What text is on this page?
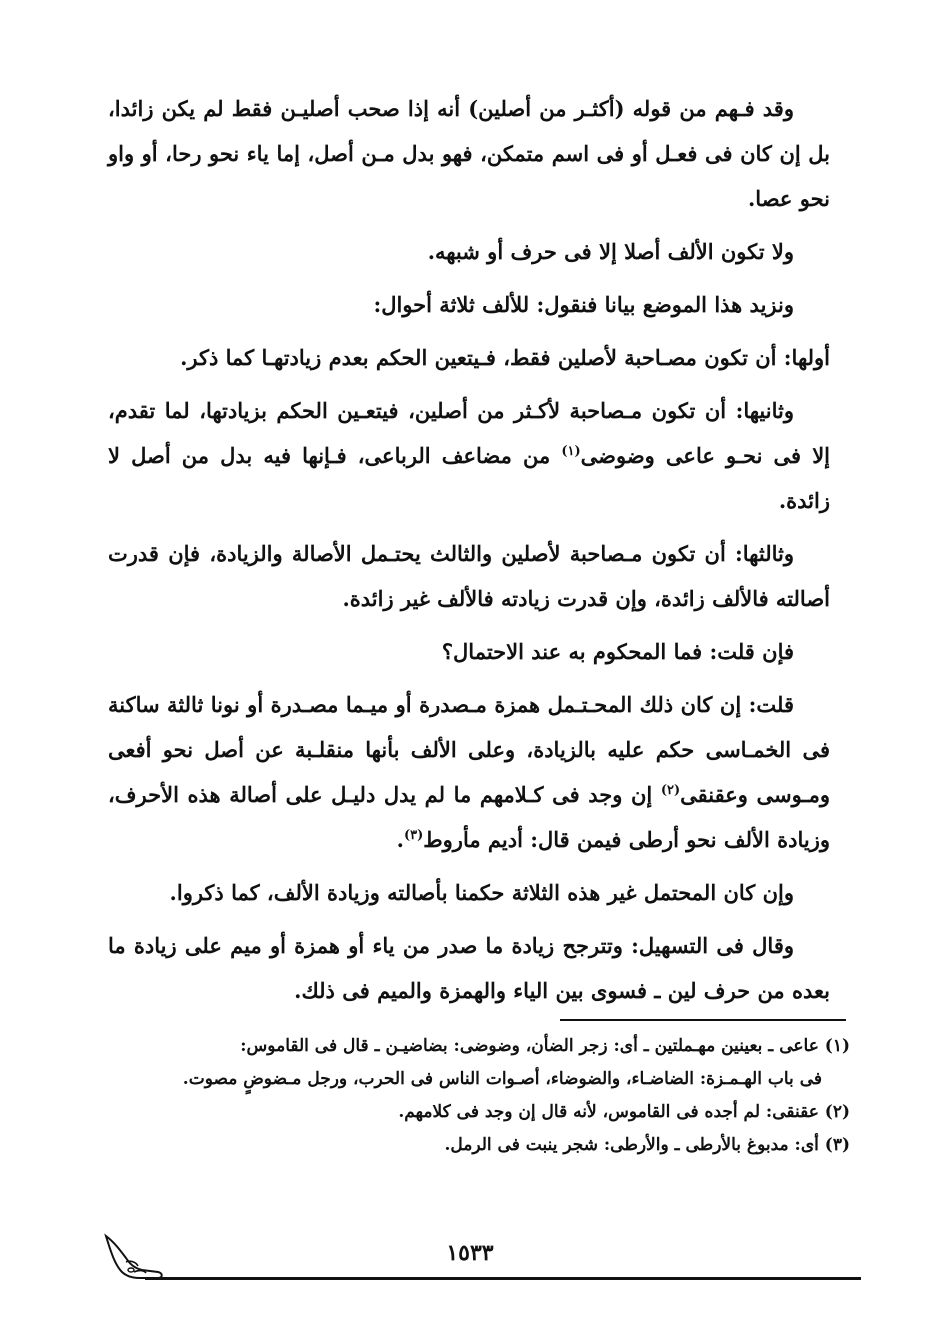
وقد فـهم من قوله (أكثـر من أصلين) أنه إذا صحب أصليـن فقط لم يكن زائدا، بل إن كان فى فعـل أو فى اسم متمكن، فهو بدل مـن أصل، إما ياء نحو رحا، أو واو نحو عصا.

ولا تكون الألف أصلا إلا فى حرف أو شبهه.

ونزيد هذا الموضع بيانا فنقول: للألف ثلاثة أحوال:

أولها: أن تكون مصـاحبة لأصلين فقط، فـيتعين الحكم بعدم زيادتهـا كما ذكر.

وثانيها: أن تكون مـصاحبة لأكـثر من أصلين، فيتعـين الحكم بزيادتها، لما تقدم، إلا فى نحـو عاعى وضوضى$^{(١)}$ من مضاعف الرباعى، فـإنها فيه بدل من أصل لا زائدة.

وثالثها: أن تكون مـصاحبة لأصلين والثالث يحتـمل الأصالة والزيادة، فإن قدرت أصالته فالألف زائدة، وإن قدرت زيادته فالألف غير زائدة.

فإن قلت: فما المحكوم به عند الاحتمال؟

قلت: إن كان ذلك المحـتـمل همزة مـصدرة أو ميـما مصـدرة أو نونا ثالثة ساكنة فى الخمـاسى حكم عليه بالزيادة، وعلى الألف بأنها منقلـبة عن أصل نحو أفعى ومـوسى وعقنقى$^{(٢)}$ إن وجد فى كـلامهم ما لم يدل دليـل على أصالة هذه الأحرف، وزيادة الألف نحو أرطى فيمن قال: أديم مأروط$^{(٣)}$.

وإن كان المحتمل غير هذه الثلاثة حكمنا بأصالته وزيادة الألف، كما ذكروا.

وقال فى التسهيل: وتترجح زيادة ما صدر من ياء أو همزة أو ميم على زيادة ما بعده من حرف لين ـ فسوى بين الياء والهمزة والميم فى ذلك.

(١) عاعى ـ بعينين مهـملتين ـ أى: زجر الضأن، وضوضى: بضاضيـن ـ قال فى القاموس:

فى باب الهـمـزة: الضاضـاء، والضوضاء، أصـوات الناس فى الحرب، ورجل مـضوضٍ مصوت.

(٢) عقنقى: لم أجده فى القاموس، لأنه قال إن وجد فى كلامهم.

(٣) أى: مدبوغ بالأرطى ـ والأرطى: شجر ينبت فى الرمل.

١٥٣٣
